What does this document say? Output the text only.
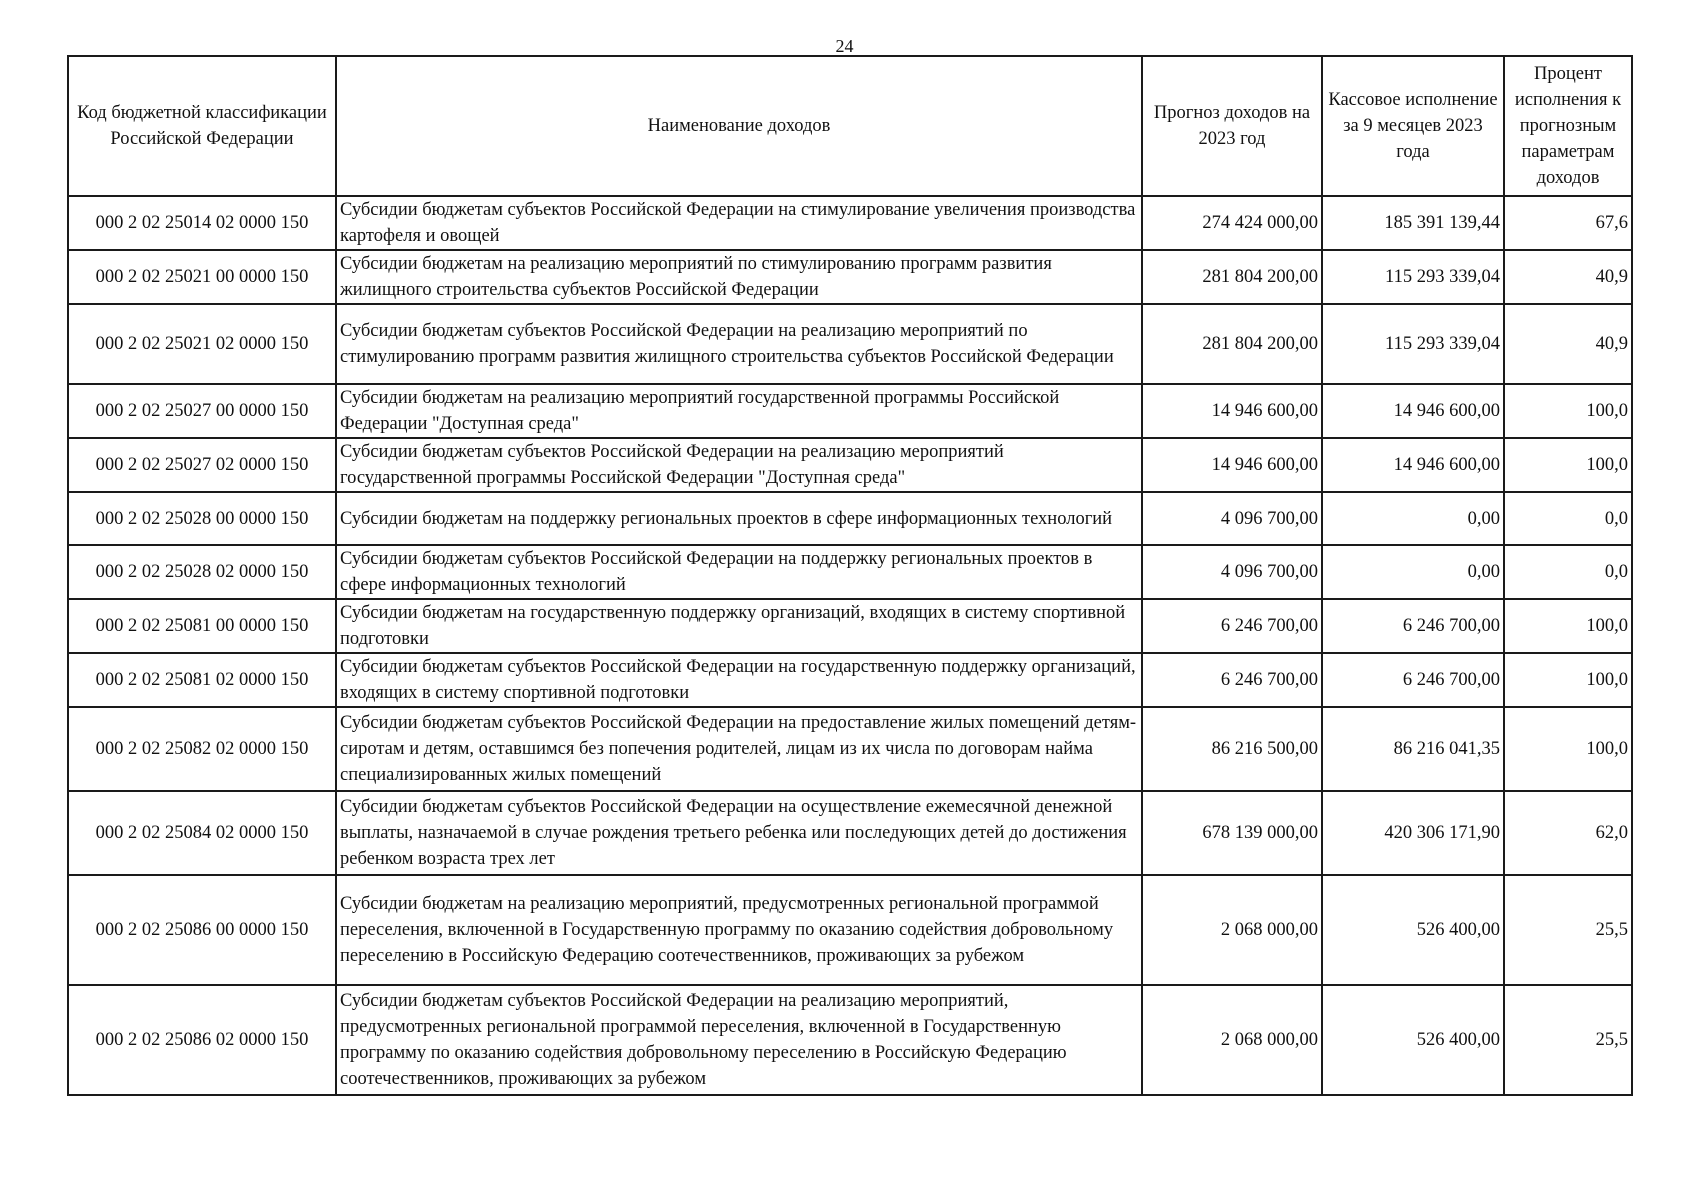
24
Код бюджетной классификации Российской Федерации	Наименование доходов	Прогноз доходов на 2023 год	Кассовое исполнение за 9 месяцев 2023 года	Процент исполнения к прогнозным параметрам доходов
000 2 02 25014 02 0000 150	Субсидии бюджетам субъектов Российской Федерации на стимулирование увеличения производства картофеля и овощей	274 424 000,00	185 391 139,44	67,6
000 2 02 25021 00 0000 150	Субсидии бюджетам на реализацию мероприятий по стимулированию программ развития жилищного строительства субъектов Российской Федерации	281 804 200,00	115 293 339,04	40,9
000 2 02 25021 02 0000 150	Субсидии бюджетам субъектов Российской Федерации на реализацию мероприятий по стимулированию программ развития жилищного строительства субъектов Российской Федерации	281 804 200,00	115 293 339,04	40,9
000 2 02 25027 00 0000 150	Субсидии бюджетам на реализацию мероприятий государственной программы Российской Федерации "Доступная среда"	14 946 600,00	14 946 600,00	100,0
000 2 02 25027 02 0000 150	Субсидии бюджетам субъектов Российской Федерации на реализацию мероприятий государственной программы Российской Федерации "Доступная среда"	14 946 600,00	14 946 600,00	100,0
000 2 02 25028 00 0000 150	Субсидии бюджетам на поддержку региональных проектов в сфере информационных технологий	4 096 700,00	0,00	0,0
000 2 02 25028 02 0000 150	Субсидии бюджетам субъектов Российской Федерации на поддержку региональных проектов в сфере информационных технологий	4 096 700,00	0,00	0,0
000 2 02 25081 00 0000 150	Субсидии бюджетам на государственную поддержку организаций, входящих в систему спортивной подготовки	6 246 700,00	6 246 700,00	100,0
000 2 02 25081 02 0000 150	Субсидии бюджетам субъектов Российской Федерации на государственную поддержку организаций, входящих в систему спортивной подготовки	6 246 700,00	6 246 700,00	100,0
000 2 02 25082 02 0000 150	Субсидии бюджетам субъектов Российской Федерации на предоставление жилых помещений детям-сиротам и детям, оставшимся без попечения родителей, лицам из их числа по договорам найма специализированных жилых помещений	86 216 500,00	86 216 041,35	100,0
000 2 02 25084 02 0000 150	Субсидии бюджетам субъектов Российской Федерации на осуществление ежемесячной денежной выплаты, назначаемой в случае рождения третьего ребенка или последующих детей до достижения ребенком возраста трех лет	678 139 000,00	420 306 171,90	62,0
000 2 02 25086 00 0000 150	Субсидии бюджетам на реализацию мероприятий, предусмотренных региональной программой переселения, включенной в Государственную программу по оказанию содействия добровольному переселению в Российскую Федерацию соотечественников, проживающих за рубежом	2 068 000,00	526 400,00	25,5
000 2 02 25086 02 0000 150	Субсидии бюджетам субъектов Российской Федерации на реализацию мероприятий, предусмотренных региональной программой переселения, включенной в Государственную программу по оказанию содействия добровольному переселению в Российскую Федерацию соотечественников, проживающих за рубежом	2 068 000,00	526 400,00	25,5
